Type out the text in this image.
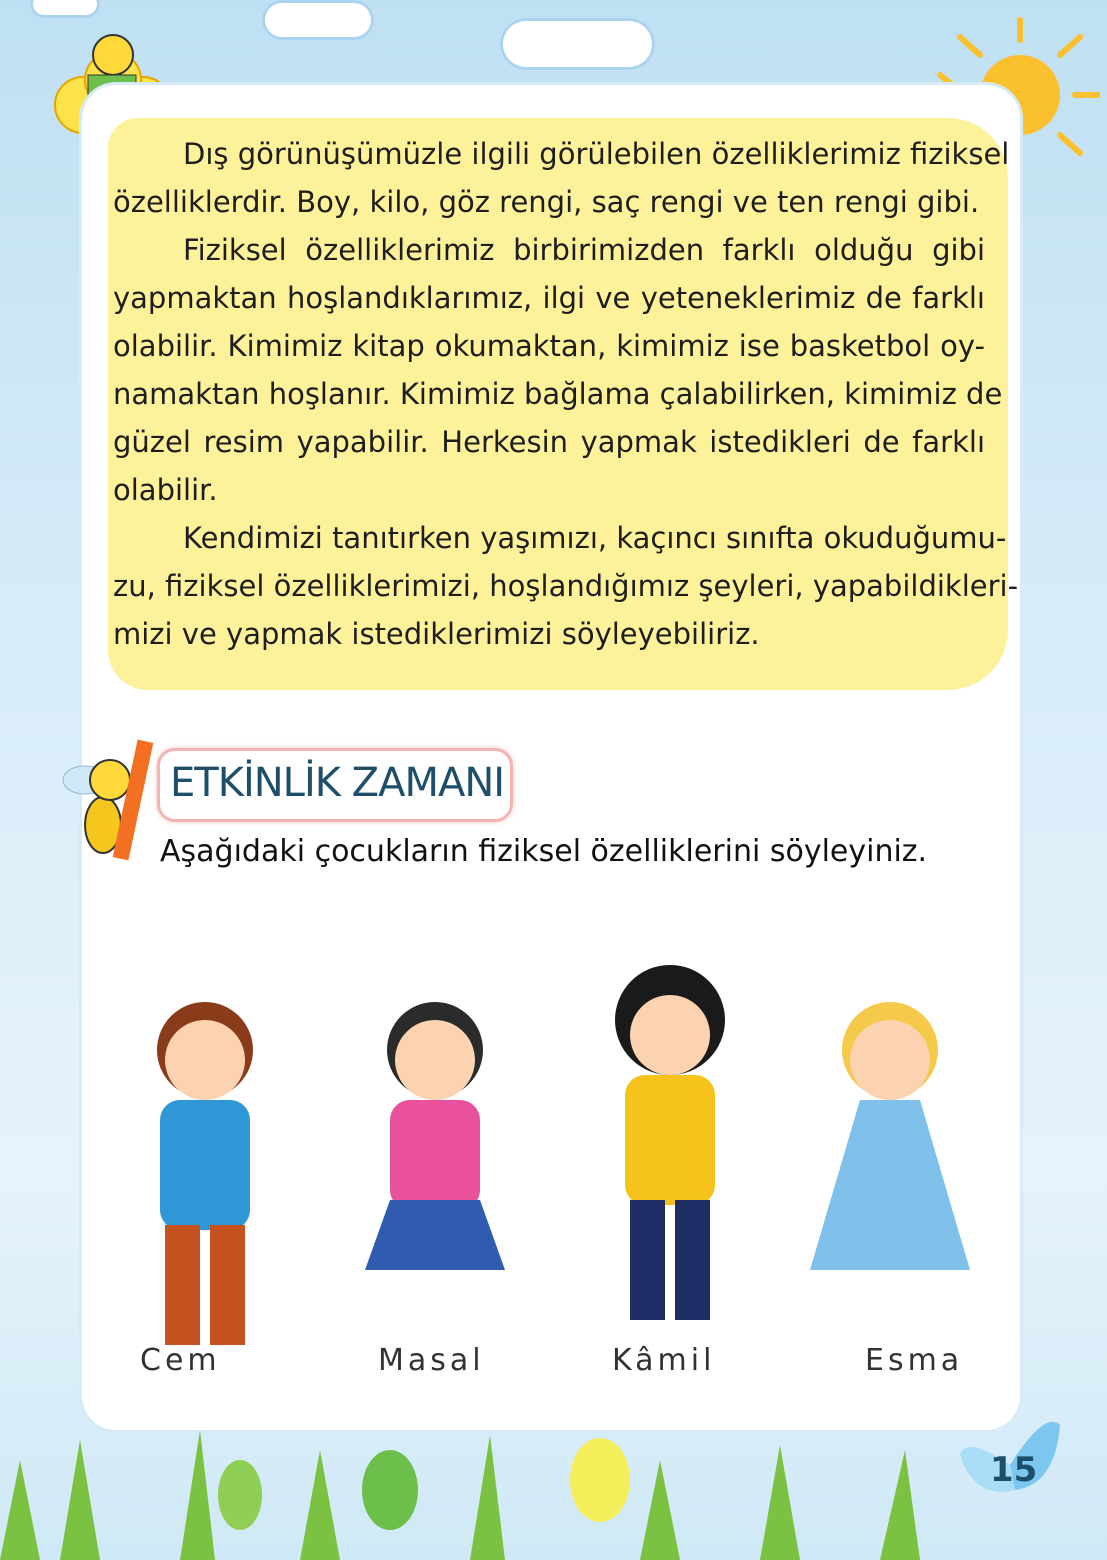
Dış görünüşümüzle ilgili görülebilen özelliklerimiz fiziksel
özelliklerdir. Boy, kilo, göz rengi, saç rengi ve ten rengi gibi.
Fiziksel özelliklerimiz birbirimizden farklı olduğu gibi
yapmaktan hoşlandıklarımız, ilgi ve yeteneklerimiz de farklı
olabilir. Kimimiz kitap okumaktan, kimimiz ise basketbol oy-
namaktan hoşlanır. Kimimiz bağlama çalabilirken, kimimiz de
güzel resim yapabilir. Herkesin yapmak istedikleri de farklı
olabilir.
Kendimizi tanıtırken yaşımızı, kaçıncı sınıfta okuduğumu-
zu, fiziksel özelliklerimizi, hoşlandığımız şeyleri, yapabildikleri-
mizi ve yapmak istediklerimizi söyleyebiliriz.
ETKİNLİK ZAMANI
Aşağıdaki çocukların fiziksel özelliklerini söyleyiniz.
Cem	Masal	Kâmil	Esma
15
